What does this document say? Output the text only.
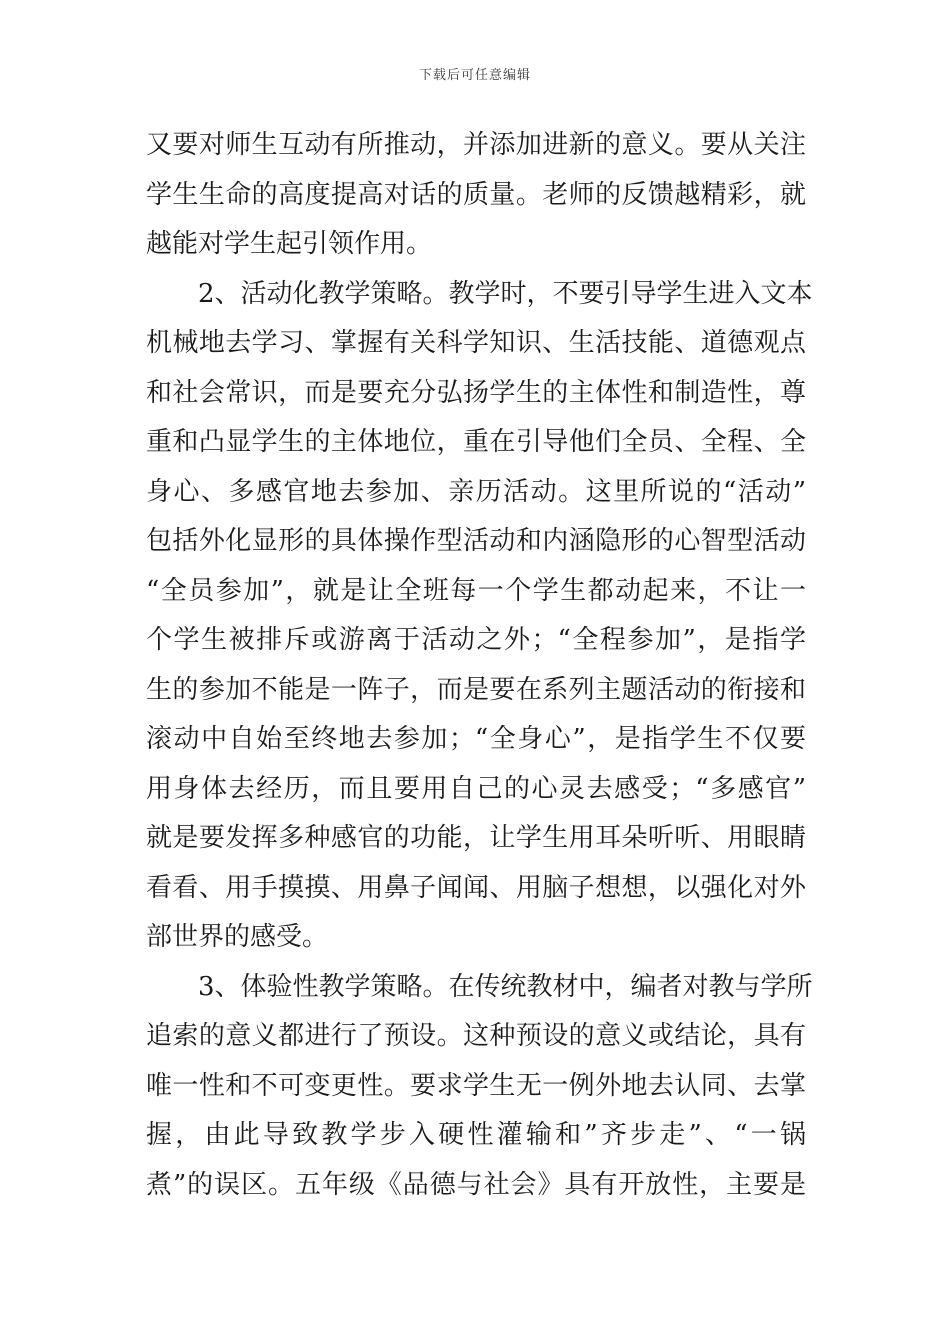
下载后可任意编辑
又要对师生互动有所推动，并添加进新的意义。要从关注
学生生命的高度提高对话的质量。老师的反馈越精彩，就
越能对学生起引领作用。
2、活动化教学策略。教学时，不要引导学生进入文本
机械地去学习、掌握有关科学知识、生活技能、道德观点
和社会常识，而是要充分弘扬学生的主体性和制造性，尊
重和凸显学生的主体地位，重在引导他们全员、全程、全
身心、多感官地去参加、亲历活动。这里所说的“活动”
包括外化显形的具体操作型活动和内涵隐形的心智型活动
“全员参加”，就是让全班每一个学生都动起来，不让一
个学生被排斥或游离于活动之外；“全程参加”，是指学
生的参加不能是一阵子，而是要在系列主题活动的衔接和
滚动中自始至终地去参加；“全身心”，是指学生不仅要
用身体去经历，而且要用自己的心灵去感受；“多感官”
就是要发挥多种感官的功能，让学生用耳朵听听、用眼睛
看看、用手摸摸、用鼻子闻闻、用脑子想想，以强化对外
部世界的感受。
3、体验性教学策略。在传统教材中，编者对教与学所
追索的意义都进行了预设。这种预设的意义或结论，具有
唯一性和不可变更性。要求学生无一例外地去认同、去掌
握，由此导致教学步入硬性灌输和”齐步走”、“一锅
煮”的误区。五年级《品德与社会》具有开放性，主要是
